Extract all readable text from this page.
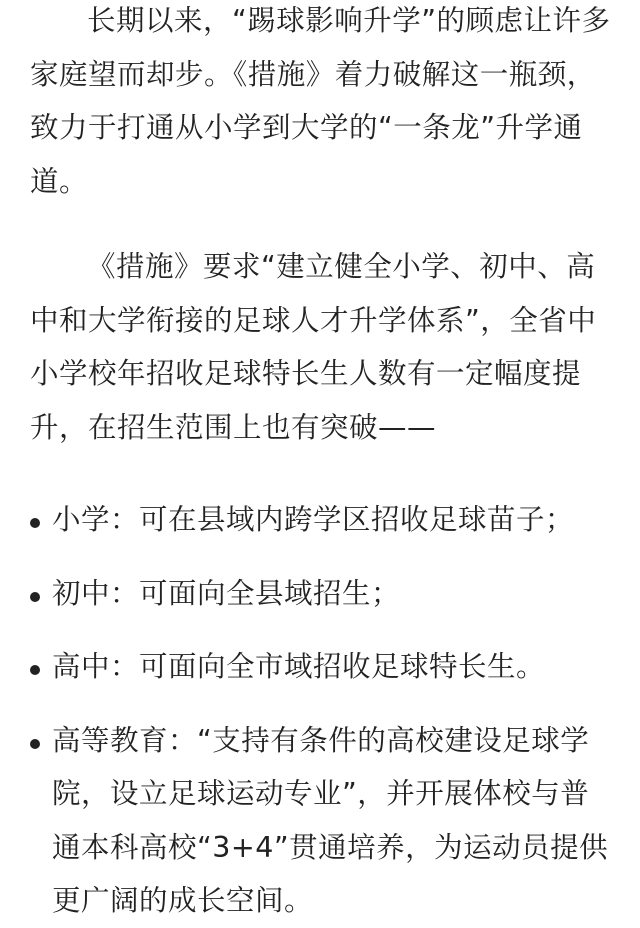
长期以来，“踢球影响升学”的顾虑让许多家庭望而却步。《措施》着力破解这一瓶颈，致力于打通从小学到大学的“一条龙”升学通道。

《措施》要求“建立健全小学、初中、高中和大学衔接的足球人才升学体系”，全省中小学校年招收足球特长生人数有一定幅度提升，在招生范围上也有突破——

小学：可在县域内跨学区招收足球苗子；
初中：可面向全县域招生；
高中：可面向全市域招收足球特长生。
高等教育：“支持有条件的高校建设足球学院，设立足球运动专业”，并开展体校与普通本科高校“3+4”贯通培养，为运动员提供更广阔的成长空间。
